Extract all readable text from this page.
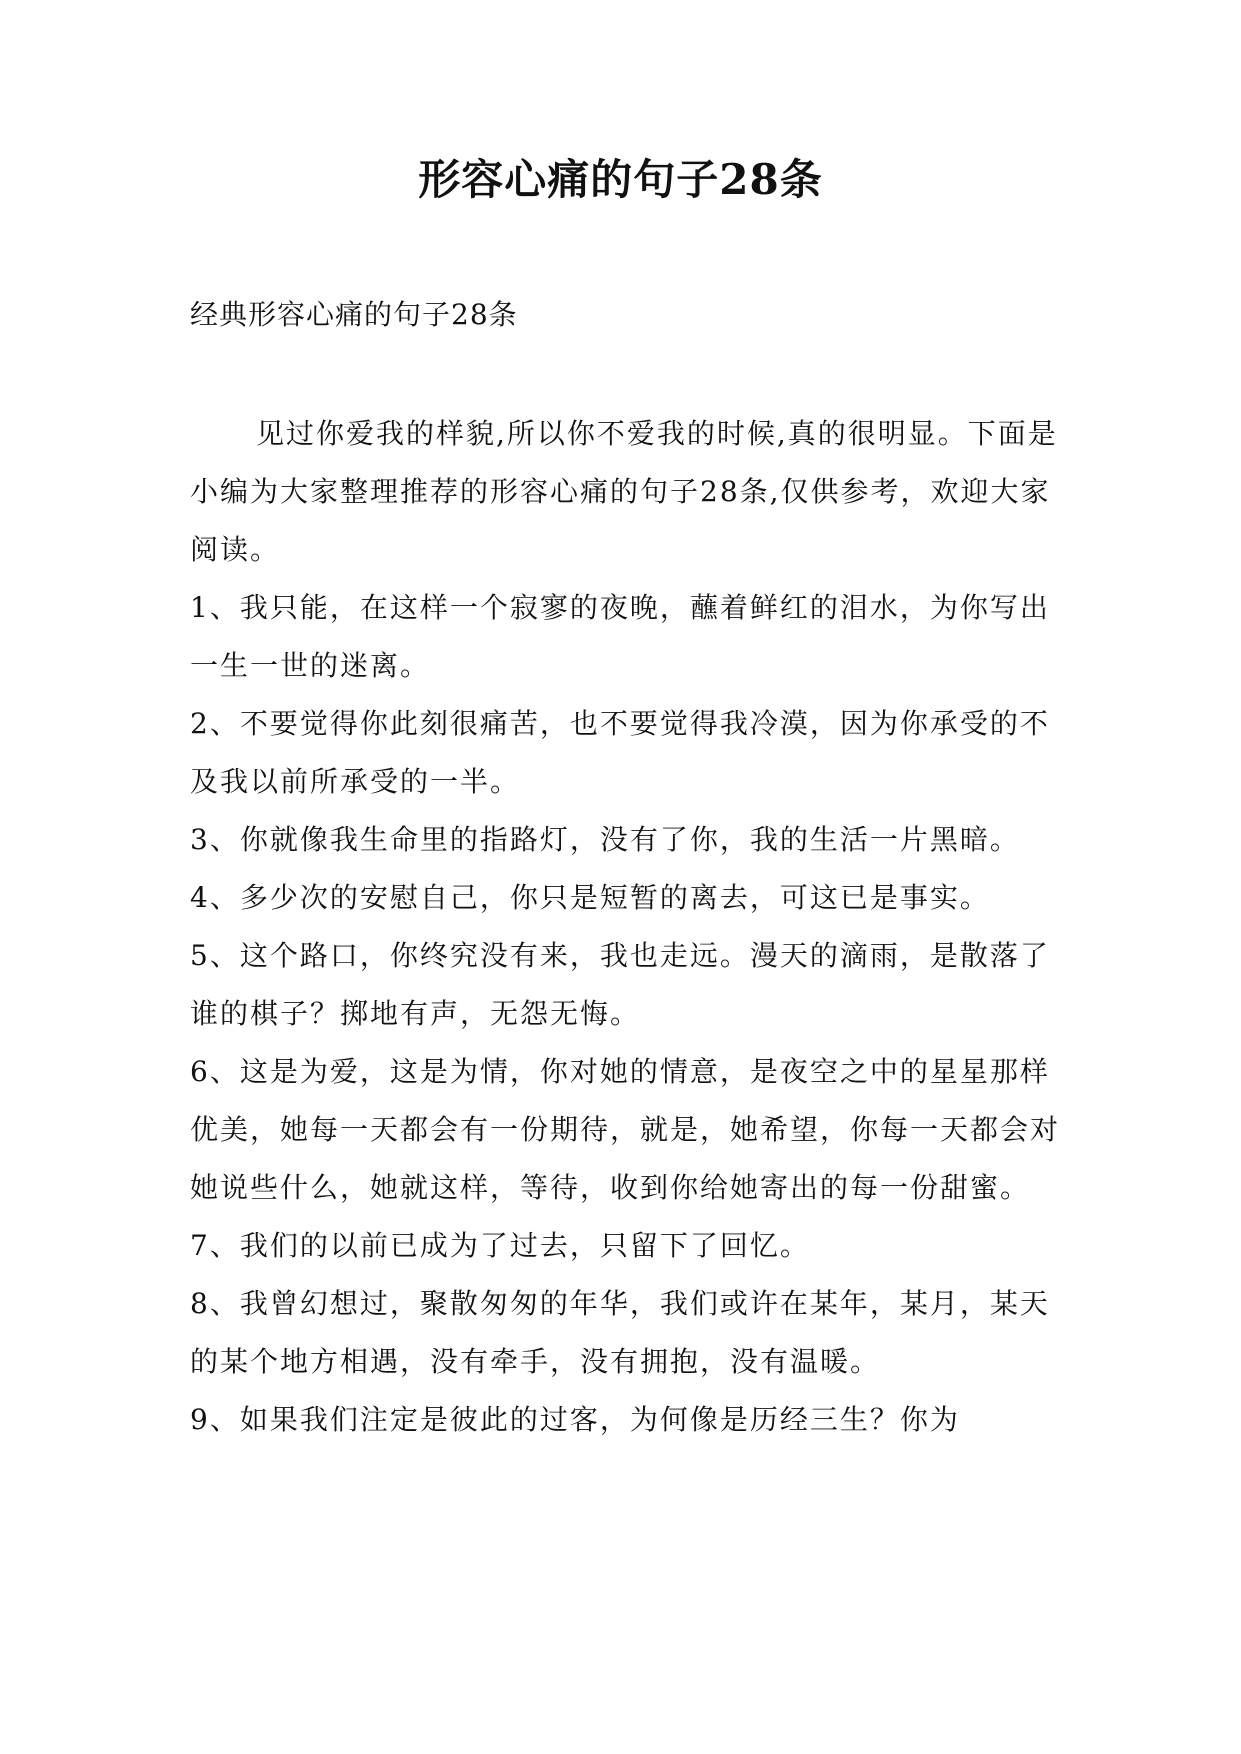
形容心痛的句子28条
经典形容心痛的句子28条

见过你爱我的样貌,所以你不爱我的时候,真的很明显。下面是小编为大家整理推荐的形容心痛的句子28条,仅供参考，欢迎大家阅读。

1、我只能，在这样一个寂寥的夜晚，蘸着鲜红的泪水，为你写出一生一世的迷离。

2、不要觉得你此刻很痛苦，也不要觉得我冷漠，因为你承受的不及我以前所承受的一半。

3、你就像我生命里的指路灯，没有了你，我的生活一片黑暗。

4、多少次的安慰自己，你只是短暂的离去，可这已是事实。

5、这个路口，你终究没有来，我也走远。漫天的滴雨，是散落了谁的棋子？掷地有声，无怨无悔。

6、这是为爱，这是为情，你对她的情意，是夜空之中的星星那样优美，她每一天都会有一份期待，就是，她希望，你每一天都会对她说些什么，她就这样，等待，收到你给她寄出的每一份甜蜜。

7、我们的以前已成为了过去，只留下了回忆。

8、我曾幻想过，聚散匆匆的年华，我们或许在某年，某月，某天的某个地方相遇，没有牵手，没有拥抱，没有温暖。

9、如果我们注定是彼此的过客，为何像是历经三生？你为
